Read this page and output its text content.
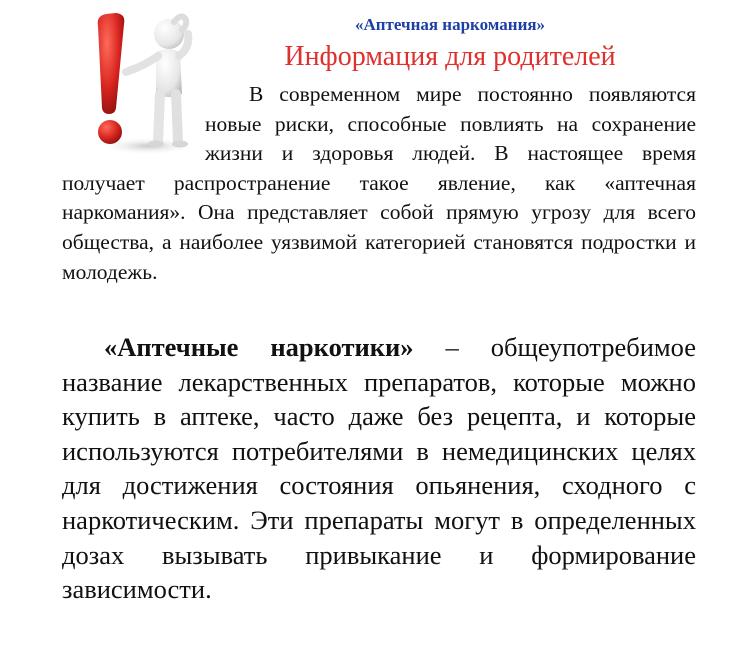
«Аптечная наркомания»
Информация для родителей

В современном мире постоянно появляются новые риски, способные повлиять на сохранение жизни и здоровья людей. В настоящее время получает распространение такое явление, как «аптечная наркомания». Она представляет собой прямую угрозу для всего общества, а наиболее уязвимой категорией становятся подростки и молодежь.

«Аптечные наркотики» – общеупотребимое название лекарственных препаратов, которые можно купить в аптеке, часто даже без рецепта, и которые используются потребителями в немедицинских целях для достижения состояния опьянения, сходного с наркотическим. Эти препараты могут в определенных дозах вызывать привыкание и формирование зависимости.
